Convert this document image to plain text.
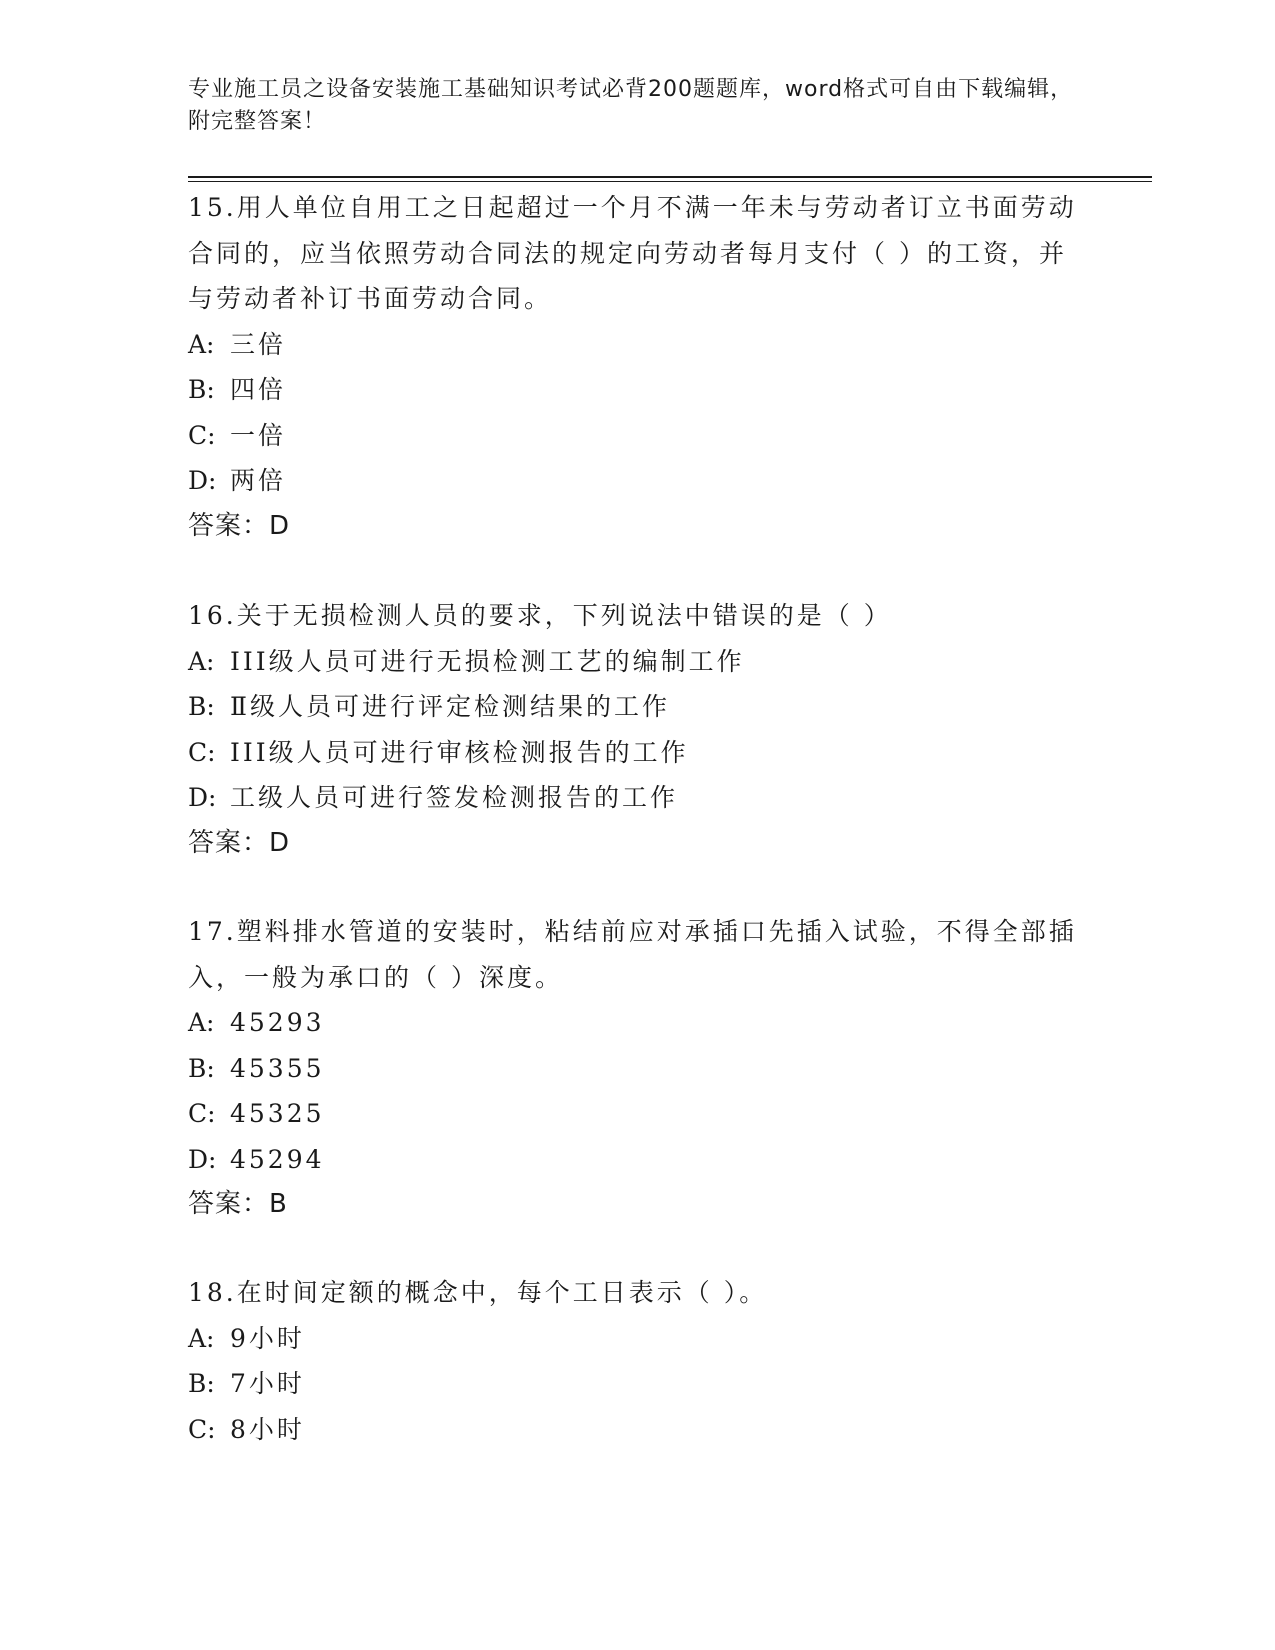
专业施工员之设备安装施工基础知识考试必背200题题库，word格式可自由下载编辑，附完整答案！

15.用人单位自用工之日起超过一个月不满一年未与劳动者订立书面劳动合同的，应当依照劳动合同法的规定向劳动者每月支付（ ）的工资，并与劳动者补订书面劳动合同。

A: 三倍

B: 四倍

C: 一倍

D: 两倍

答案：D

16.关于无损检测人员的要求，下列说法中错误的是（ ）

A: III级人员可进行无损检测工艺的编制工作

B: Ⅱ级人员可进行评定检测结果的工作

C: III级人员可进行审核检测报告的工作

D: 工级人员可进行签发检测报告的工作

答案：D

17.塑料排水管道的安装时，粘结前应对承插口先插入试验，不得全部插入，一般为承口的（ ）深度。

A: 45293

B: 45355

C: 45325

D: 45294

答案：B

18.在时间定额的概念中，每个工日表示（ ）。

A: 9小时

B: 7小时

C: 8小时
